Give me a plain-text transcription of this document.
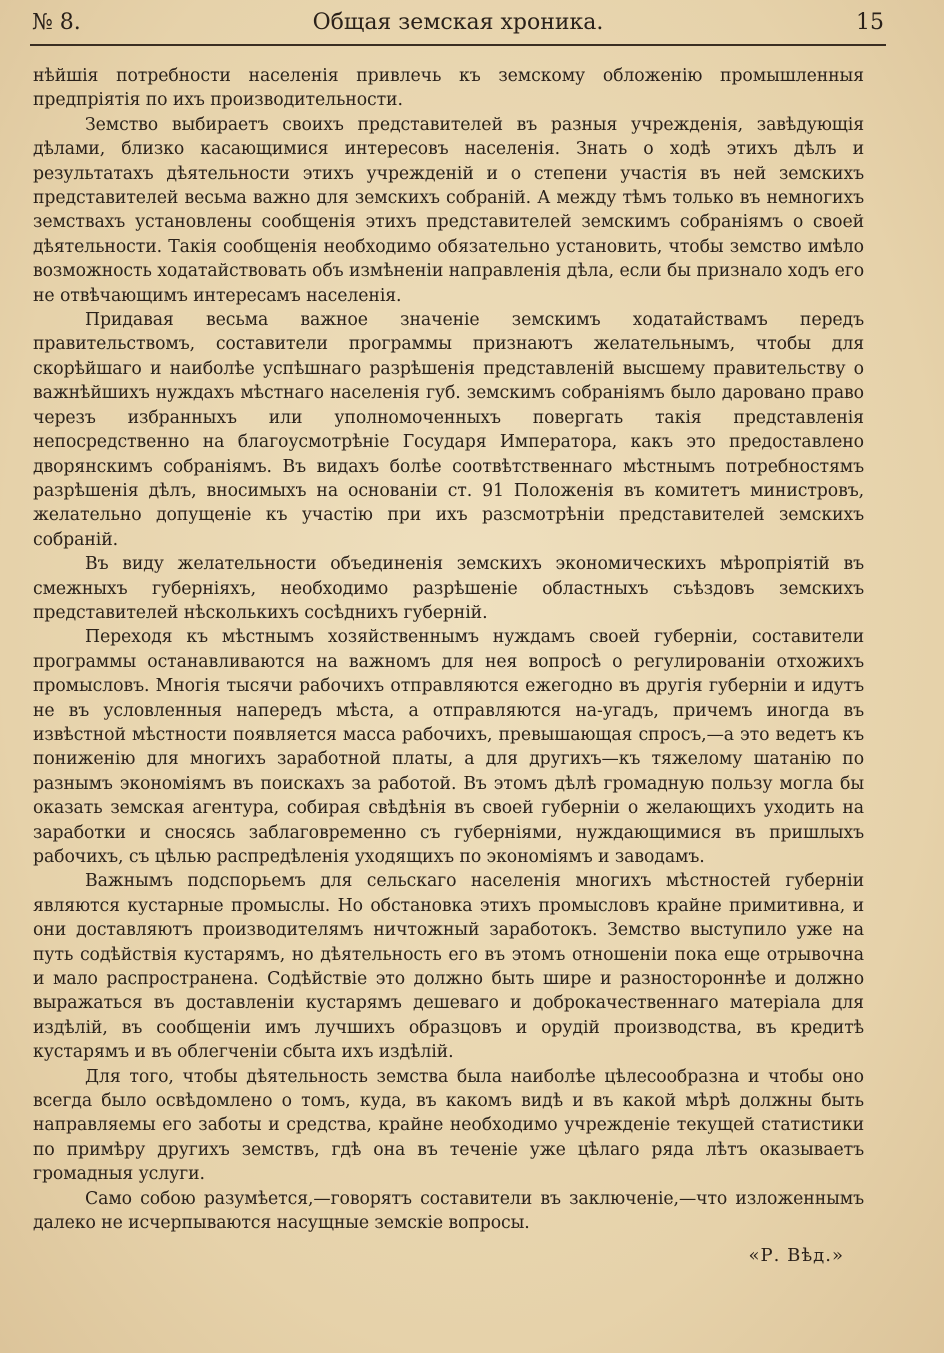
№ 8.	Общая земская хроника.	15

нѣйшія потребности населенія привлечь къ земскому обложенію промышленныя предпріятія по ихъ производительности.

Земство выбираетъ своихъ представителей въ разныя учрежденія, завѣдующія дѣлами, близко касающимися интересовъ населенія. Знать о ходѣ этихъ дѣлъ и результатахъ дѣятельности этихъ учрежденій и о степени участія въ ней земскихъ представителей весьма важно для земскихъ собраній. А между тѣмъ только въ немногихъ земствахъ установлены сообщенія этихъ представителей земскимъ собраніямъ о своей дѣятельности. Такія сообщенія необходимо обязательно установить, чтобы земство имѣло возможность ходатайствовать объ измѣненіи направленія дѣла, если бы признало ходъ его не отвѣчающимъ интересамъ населенія.

Придавая весьма важное значеніе земскимъ ходатайствамъ передъ правительствомъ, составители программы признаютъ желательнымъ, чтобы для скорѣйшаго и наиболѣе успѣшнаго разрѣшенія представленій высшему правительству о важнѣйшихъ нуждахъ мѣстнаго населенія губ. земскимъ собраніямъ было даровано право черезъ избранныхъ или уполномоченныхъ повергать такія представленія непосредственно на благоусмотрѣніе Государя Императора, какъ это предоставлено дворянскимъ собраніямъ. Въ видахъ болѣе соотвѣтственнаго мѣстнымъ потребностямъ разрѣшенія дѣлъ, вносимыхъ на основаніи ст. 91 Положенія въ комитетъ министровъ, желательно допущеніе къ участію при ихъ разсмотрѣніи представителей земскихъ собраній.

Въ виду желательности объединенія земскихъ экономическихъ мѣропріятій въ смежныхъ губерніяхъ, необходимо разрѣшеніе областныхъ съѣздовъ земскихъ представителей нѣсколькихъ сосѣднихъ губерній.

Переходя къ мѣстнымъ хозяйственнымъ нуждамъ своей губерніи, составители программы останавливаются на важномъ для нея вопросѣ о регулированіи отхожихъ промысловъ. Многія тысячи рабочихъ отправляются ежегодно въ другія губерніи и идутъ не въ условленныя напередъ мѣста, а отправляются на-угадъ, причемъ иногда въ извѣстной мѣстности появляется масса рабочихъ, превышающая спросъ,—а это ведетъ къ пониженію для многихъ заработной платы, а для другихъ—къ тяжелому шатанію по разнымъ экономіямъ въ поискахъ за работой. Въ этомъ дѣлѣ громадную пользу могла бы оказать земская агентура, собирая свѣдѣнія въ своей губерніи о желающихъ уходить на заработки и сносясь заблаговременно съ губерніями, нуждающимися въ пришлыхъ рабочихъ, съ цѣлью распредѣленія уходящихъ по экономіямъ и заводамъ.

Важнымъ подспорьемъ для сельскаго населенія многихъ мѣстностей губерніи являются кустарные промыслы. Но обстановка этихъ промысловъ крайне примитивна, и они доставляютъ производителямъ ничтожный заработокъ. Земство выступило уже на путь содѣйствія кустарямъ, но дѣятельность его въ этомъ отношеніи пока еще отрывочна и мало распространена. Содѣйствіе это должно быть шире и разностороннѣе и должно выражаться въ доставленіи кустарямъ дешеваго и доброкачественнаго матеріала для издѣлій, въ сообщеніи имъ лучшихъ образцовъ и орудій производства, въ кредитѣ кустарямъ и въ облегченіи сбыта ихъ издѣлій.

Для того, чтобы дѣятельность земства была наиболѣе цѣлесообразна и чтобы оно всегда было освѣдомлено о томъ, куда, въ какомъ видѣ и въ какой мѣрѣ должны быть направляемы его заботы и средства, крайне необходимо учрежденіе текущей статистики по примѣру другихъ земствъ, гдѣ она въ теченіе уже цѣлаго ряда лѣтъ оказываетъ громадныя услуги.

Само собою разумѣется,—говорятъ составители въ заключеніе,—что изложеннымъ далеко не исчерпываются насущные земскіе вопросы.

«Р. Вѣд.»
